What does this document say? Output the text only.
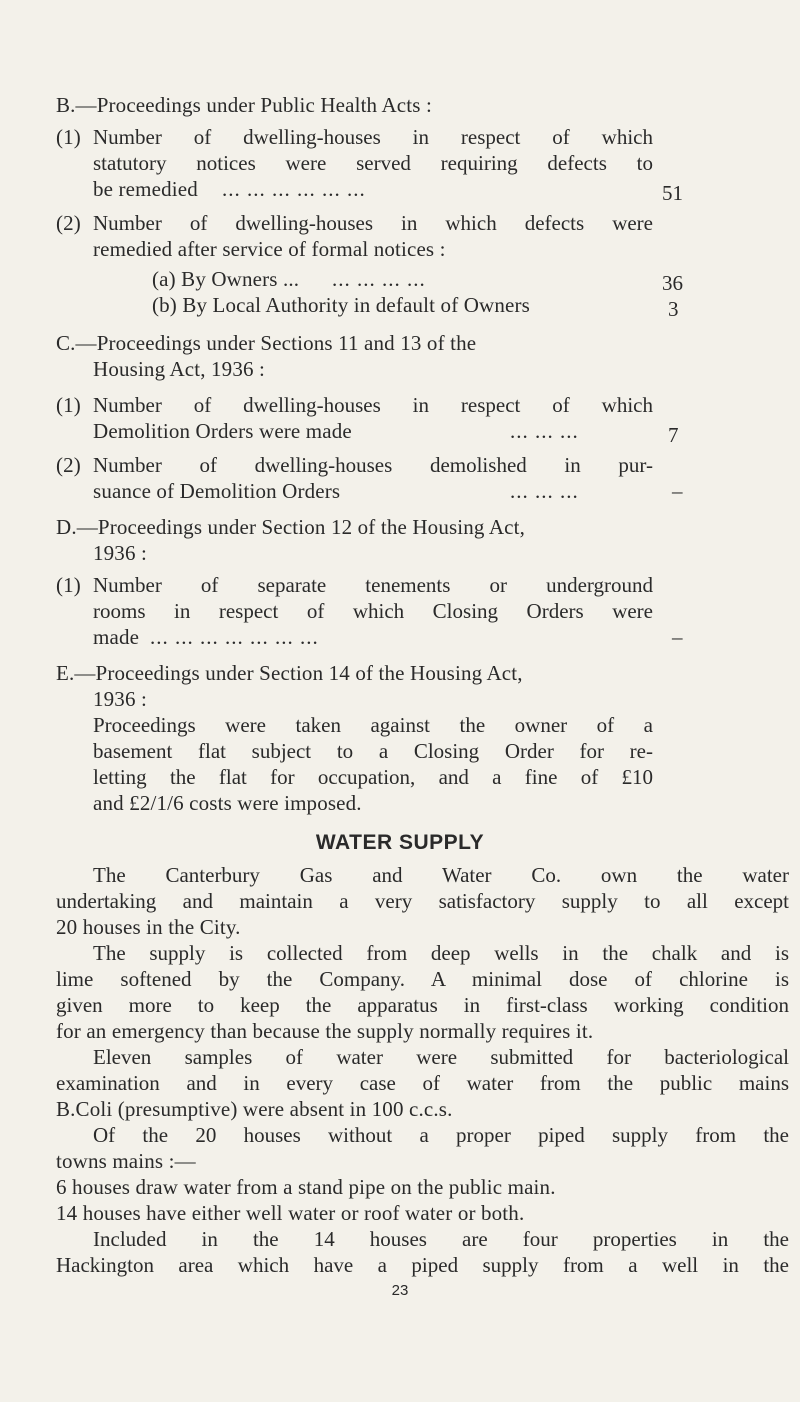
B.—Proceedings under Public Health Acts :
(1) Number of dwelling-houses in respect of which
statutory notices were served requiring defects to
be remedied ... ... ... ... ... ...	51
(2) Number of dwelling-houses in which defects were
remedied after service of formal notices :
(a) By Owners ... ... ... ... ...	36
(b) By Local Authority in default of Owners	3
C.—Proceedings under Sections 11 and 13 of the
Housing Act, 1936 :
(1) Number of dwelling-houses in respect of which
Demolition Orders were made	... ... ...	7
(2) Number of dwelling-houses demolished in pur-
suance of Demolition Orders	... ... ...	–
D.—Proceedings under Section 12 of the Housing Act,
1936 :
(1) Number of separate tenements or underground
rooms in respect of which Closing Orders were
made ... ... ... ... ... ... ...	–
E.—Proceedings under Section 14 of the Housing Act,
1936 :
Proceedings were taken against the owner of a
basement flat subject to a Closing Order for re-
letting the flat for occupation, and a fine of £10
and £2/1/6 costs were imposed.
WATER SUPPLY
The Canterbury Gas and Water Co. own the water
undertaking and maintain a very satisfactory supply to all except
20 houses in the City.
The supply is collected from deep wells in the chalk and is
lime softened by the Company. A minimal dose of chlorine is
given more to keep the apparatus in first-class working condition
for an emergency than because the supply normally requires it.
Eleven samples of water were submitted for bacteriological
examination and in every case of water from the public mains
B.Coli (presumptive) were absent in 100 c.c.s.
Of the 20 houses without a proper piped supply from the
towns mains :—
6 houses draw water from a stand pipe on the public main.
14 houses have either well water or roof water or both.
Included in the 14 houses are four properties in the
Hackington area which have a piped supply from a well in the
23
